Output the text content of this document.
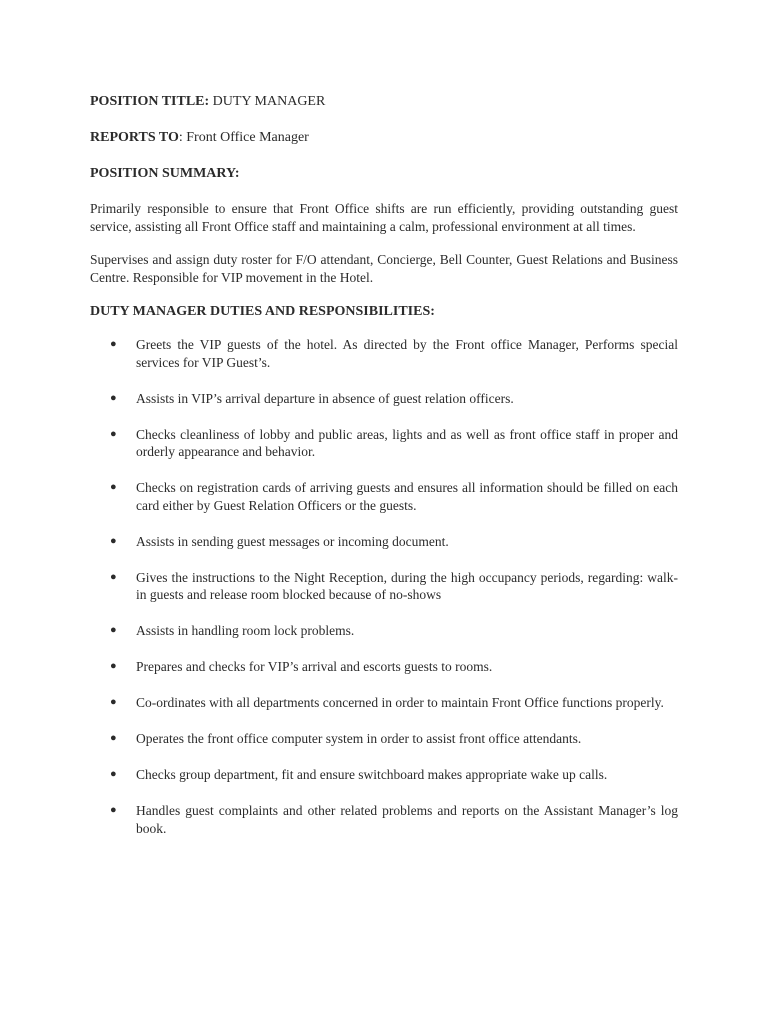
POSITION TITLE: DUTY MANAGER

REPORTS TO: Front Office Manager

POSITION SUMMARY:

Primarily responsible to ensure that Front Office shifts are run efficiently, providing outstanding guest service, assisting all Front Office staff and maintaining a calm, professional environment at all times.

Supervises and assign duty roster for F/O attendant, Concierge, Bell Counter, Guest Relations and Business Centre. Responsible for VIP movement in the Hotel.

DUTY MANAGER DUTIES AND RESPONSIBILITIES:

● Greets the VIP guests of the hotel. As directed by the Front office Manager, Performs special services for VIP Guest’s.
● Assists in VIP’s arrival departure in absence of guest relation officers.
● Checks cleanliness of lobby and public areas, lights and as well as front office staff in proper and orderly appearance and behavior.
● Checks on registration cards of arriving guests and ensures all information should be filled on each card either by Guest Relation Officers or the guests.
● Assists in sending guest messages or incoming document.
● Gives the instructions to the Night Reception, during the high occupancy periods, regarding: walk-in guests and release room blocked because of no-shows
● Assists in handling room lock problems.
● Prepares and checks for VIP’s arrival and escorts guests to rooms.
● Co-ordinates with all departments concerned in order to maintain Front Office functions properly.
● Operates the front office computer system in order to assist front office attendants.
● Checks group department, fit and ensure switchboard makes appropriate wake up calls.
● Handles guest complaints and other related problems and reports on the Assistant Manager’s log book.
